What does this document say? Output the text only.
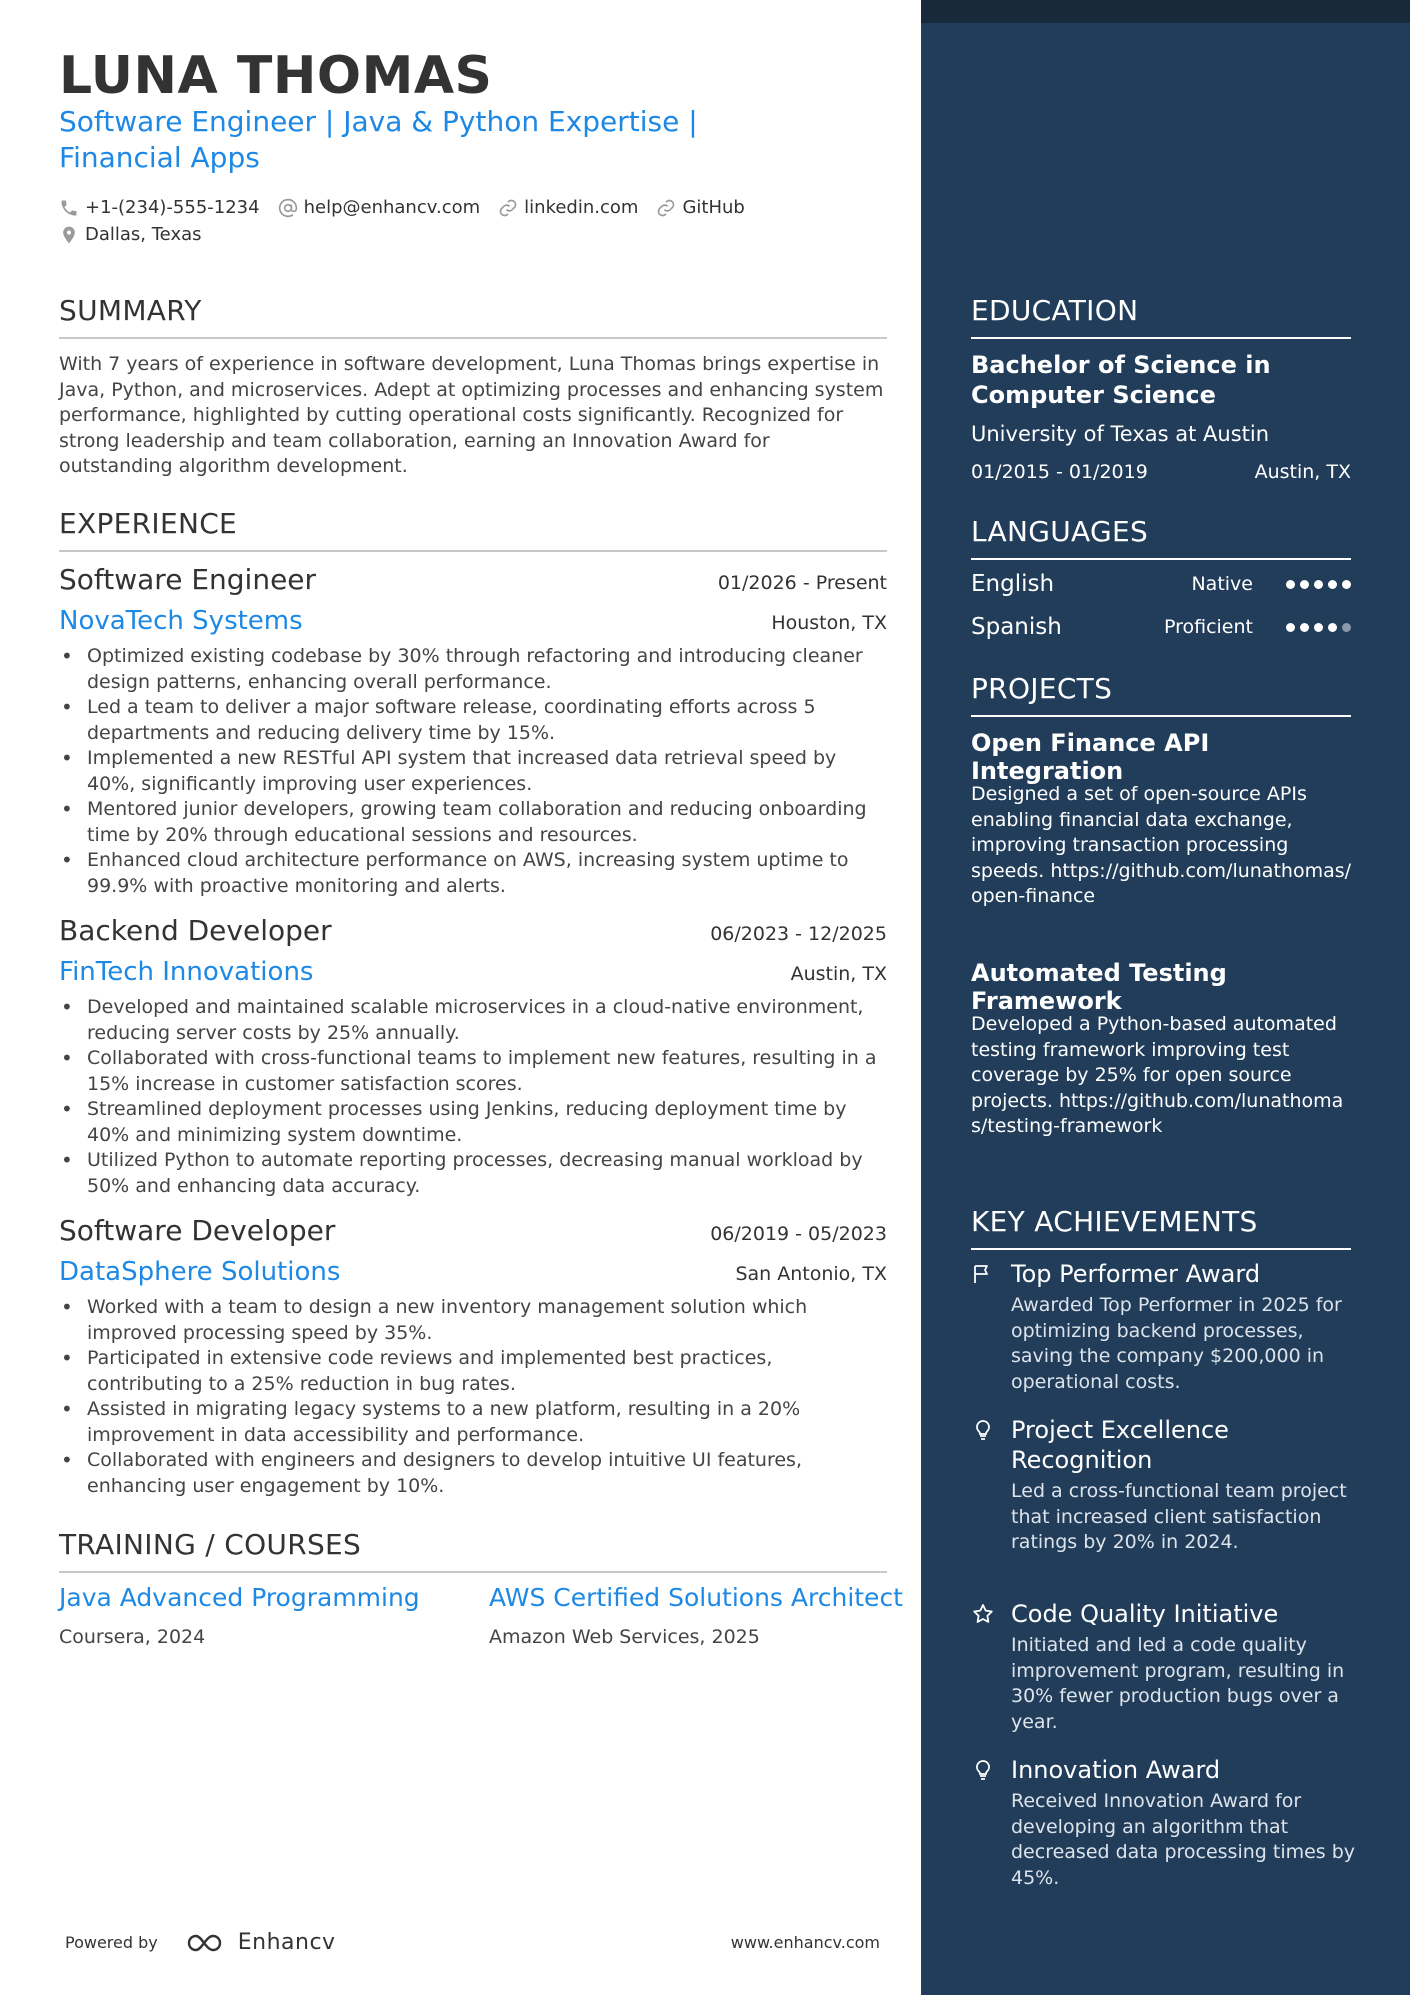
LUNA THOMAS
Software Engineer | Java & Python Expertise | Financial Apps
+1-(234)-555-1234 help@enhancv.com linkedin.com GitHub
Dallas, Texas
SUMMARY
With 7 years of experience in software development, Luna Thomas brings expertise in Java, Python, and microservices. Adept at optimizing processes and enhancing system performance, highlighted by cutting operational costs significantly. Recognized for strong leadership and team collaboration, earning an Innovation Award for outstanding algorithm development.
EXPERIENCE
Software Engineer	01/2026 - Present
NovaTech Systems	Houston, TX
• Optimized existing codebase by 30% through refactoring and introducing cleaner design patterns, enhancing overall performance.
• Led a team to deliver a major software release, coordinating efforts across 5 departments and reducing delivery time by 15%.
• Implemented a new RESTful API system that increased data retrieval speed by 40%, significantly improving user experiences.
• Mentored junior developers, growing team collaboration and reducing onboarding time by 20% through educational sessions and resources.
• Enhanced cloud architecture performance on AWS, increasing system uptime to 99.9% with proactive monitoring and alerts.
Backend Developer	06/2023 - 12/2025
FinTech Innovations	Austin, TX
• Developed and maintained scalable microservices in a cloud-native environment, reducing server costs by 25% annually.
• Collaborated with cross-functional teams to implement new features, resulting in a 15% increase in customer satisfaction scores.
• Streamlined deployment processes using Jenkins, reducing deployment time by 40% and minimizing system downtime.
• Utilized Python to automate reporting processes, decreasing manual workload by 50% and enhancing data accuracy.
Software Developer	06/2019 - 05/2023
DataSphere Solutions	San Antonio, TX
• Worked with a team to design a new inventory management solution which improved processing speed by 35%.
• Participated in extensive code reviews and implemented best practices, contributing to a 25% reduction in bug rates.
• Assisted in migrating legacy systems to a new platform, resulting in a 20% improvement in data accessibility and performance.
• Collaborated with engineers and designers to develop intuitive UI features, enhancing user engagement by 10%.
TRAINING / COURSES
Java Advanced Programming
Coursera, 2024
AWS Certified Solutions Architect
Amazon Web Services, 2025
Powered by	Enhancv	www.enhancv.com
EDUCATION
Bachelor of Science in Computer Science
University of Texas at Austin
01/2015 - 01/2019	Austin, TX
LANGUAGES
English	Native
Spanish	Proficient
PROJECTS
Open Finance API Integration
Designed a set of open-source APIs enabling financial data exchange, improving transaction processing speeds. https://github.com/lunathomas/open-finance
Automated Testing Framework
Developed a Python-based automated testing framework improving test coverage by 25% for open source projects. https://github.com/lunathomas/testing-framework
KEY ACHIEVEMENTS
Top Performer Award
Awarded Top Performer in 2025 for optimizing backend processes, saving the company $200,000 in operational costs.
Project Excellence Recognition
Led a cross-functional team project that increased client satisfaction ratings by 20% in 2024.
Code Quality Initiative
Initiated and led a code quality improvement program, resulting in 30% fewer production bugs over a year.
Innovation Award
Received Innovation Award for developing an algorithm that decreased data processing times by 45%.
